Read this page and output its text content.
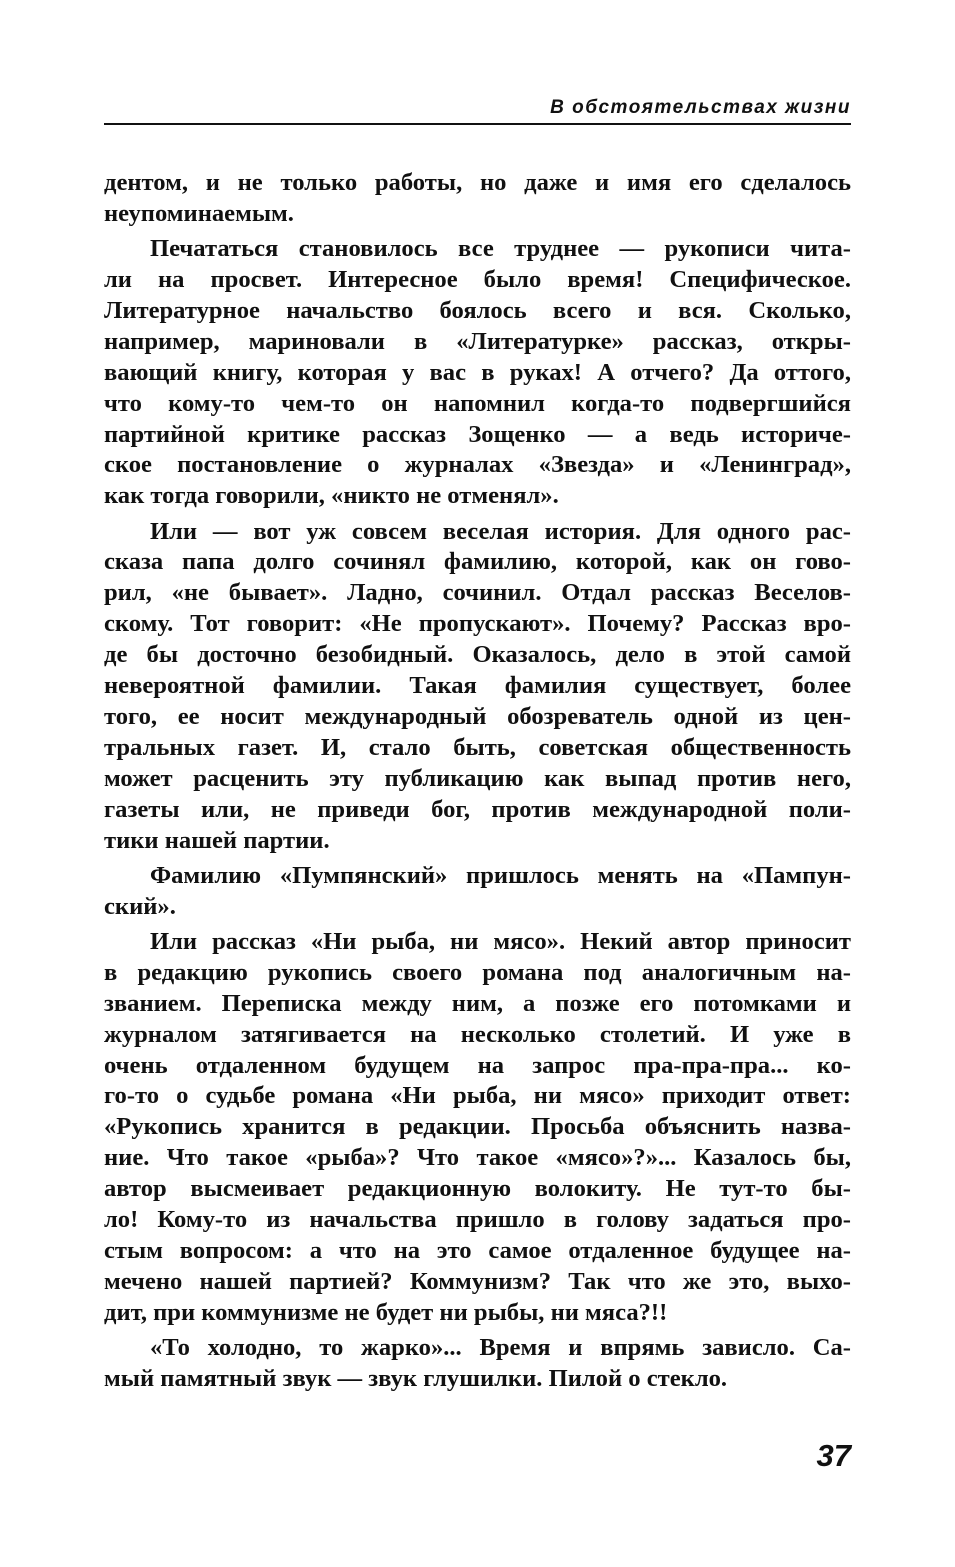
В обстоятельствах жизни
дентом, и не только работы, но даже и имя его сделалось
неупоминаемым.
Печататься становилось все труднее — рукописи чита-
ли на просвет. Интересное было время! Специфическое.
Литературное начальство боялось всего и вся. Сколько,
например, мариновали в «Литературке» рассказ, откры-
вающий книгу, которая у вас в руках! А отчего? Да оттого,
что кому-то чем-то он напомнил когда-то подвергшийся
партийной критике рассказ Зощенко — а ведь историче-
ское постановление о журналах «Звезда» и «Ленинград»,
как тогда говорили, «никто не отменял».
Или — вот уж совсем веселая история. Для одного рас-
сказа папа долго сочинял фамилию, которой, как он гово-
рил, «не бывает». Ладно, сочинил. Отдал рассказ Веселов-
скому. Тот говорит: «Не пропускают». Почему? Рассказ вро-
де бы досточно безобидный. Оказалось, дело в этой самой
невероятной фамилии. Такая фамилия существует, более
того, ее носит международный обозреватель одной из цен-
тральных газет. И, стало быть, советская общественность
может расценить эту публикацию как выпад против него,
газеты или, не приведи бог, против международной поли-
тики нашей партии.
Фамилию «Пумпянский» пришлось менять на «Пампун-
ский».
Или рассказ «Ни рыба, ни мясо». Некий автор приносит
в редакцию рукопись своего романа под аналогичным на-
званием. Переписка между ним, а позже его потомками и
журналом затягивается на несколько столетий. И уже в
очень отдаленном будущем на запрос пра-пра-пра... ко-
го-то о судьбе романа «Ни рыба, ни мясо» приходит ответ:
«Рукопись хранится в редакции. Просьба объяснить назва-
ние. Что такое «рыба»? Что такое «мясо»?»... Казалось бы,
автор высмеивает редакционную волокиту. Не тут-то бы-
ло! Кому-то из начальства пришло в голову задаться про-
стым вопросом: а что на это самое отдаленное будущее на-
мечено нашей партией? Коммунизм? Так что же это, выхо-
дит, при коммунизме не будет ни рыбы, ни мяса?!!
«То холодно, то жарко»... Время и впрямь зависло. Са-
мый памятный звук — звук глушилки. Пилой о стекло.
37
